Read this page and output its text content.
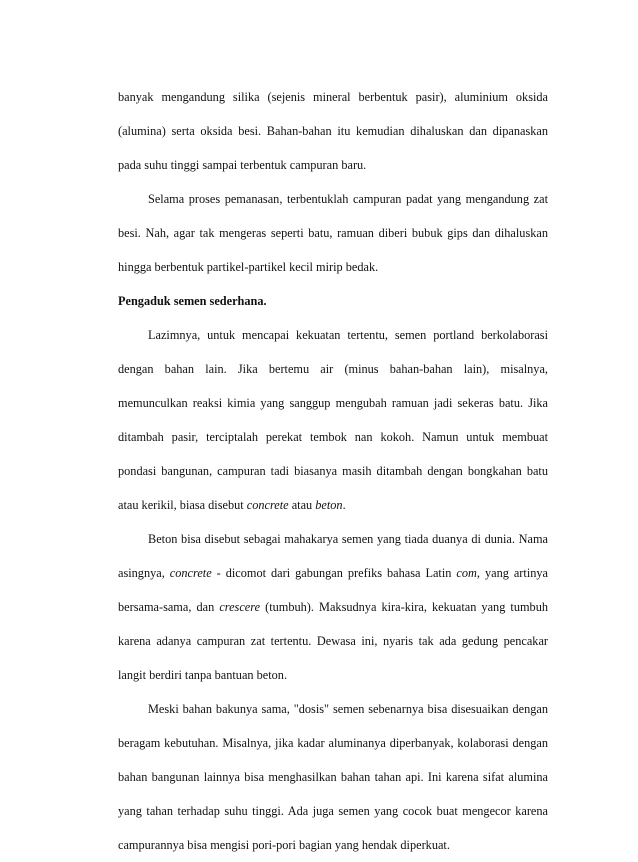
banyak mengandung silika (sejenis mineral berbentuk pasir), aluminium oksida
(alumina) serta oksida besi. Bahan-bahan itu kemudian dihaluskan dan dipanaskan
pada suhu tinggi sampai terbentuk campuran baru.
Selama proses pemanasan, terbentuklah campuran padat yang mengandung zat
besi. Nah, agar tak mengeras seperti batu, ramuan diberi bubuk gips dan dihaluskan
hingga berbentuk partikel-partikel kecil mirip bedak.
Pengaduk semen sederhana.
Lazimnya, untuk mencapai kekuatan tertentu, semen portland berkolaborasi
dengan bahan lain. Jika bertemu air (minus bahan-bahan lain), misalnya,
memunculkan reaksi kimia yang sanggup mengubah ramuan jadi sekeras batu. Jika
ditambah pasir, terciptalah perekat tembok nan kokoh. Namun untuk membuat
pondasi bangunan, campuran tadi biasanya masih ditambah dengan bongkahan batu
atau kerikil, biasa disebut concrete atau beton.
Beton bisa disebut sebagai mahakarya semen yang tiada duanya di dunia. Nama
asingnya, concrete - dicomot dari gabungan prefiks bahasa Latin com, yang artinya
bersama-sama, dan crescere (tumbuh). Maksudnya kira-kira, kekuatan yang tumbuh
karena adanya campuran zat tertentu. Dewasa ini, nyaris tak ada gedung pencakar
langit berdiri tanpa bantuan beton.
Meski bahan bakunya sama, "dosis" semen sebenarnya bisa disesuaikan dengan
beragam kebutuhan. Misalnya, jika kadar aluminanya diperbanyak, kolaborasi dengan
bahan bangunan lainnya bisa menghasilkan bahan tahan api. Ini karena sifat alumina
yang tahan terhadap suhu tinggi. Ada juga semen yang cocok buat mengecor karena
campurannya bisa mengisi pori-pori bagian yang hendak diperkuat.
